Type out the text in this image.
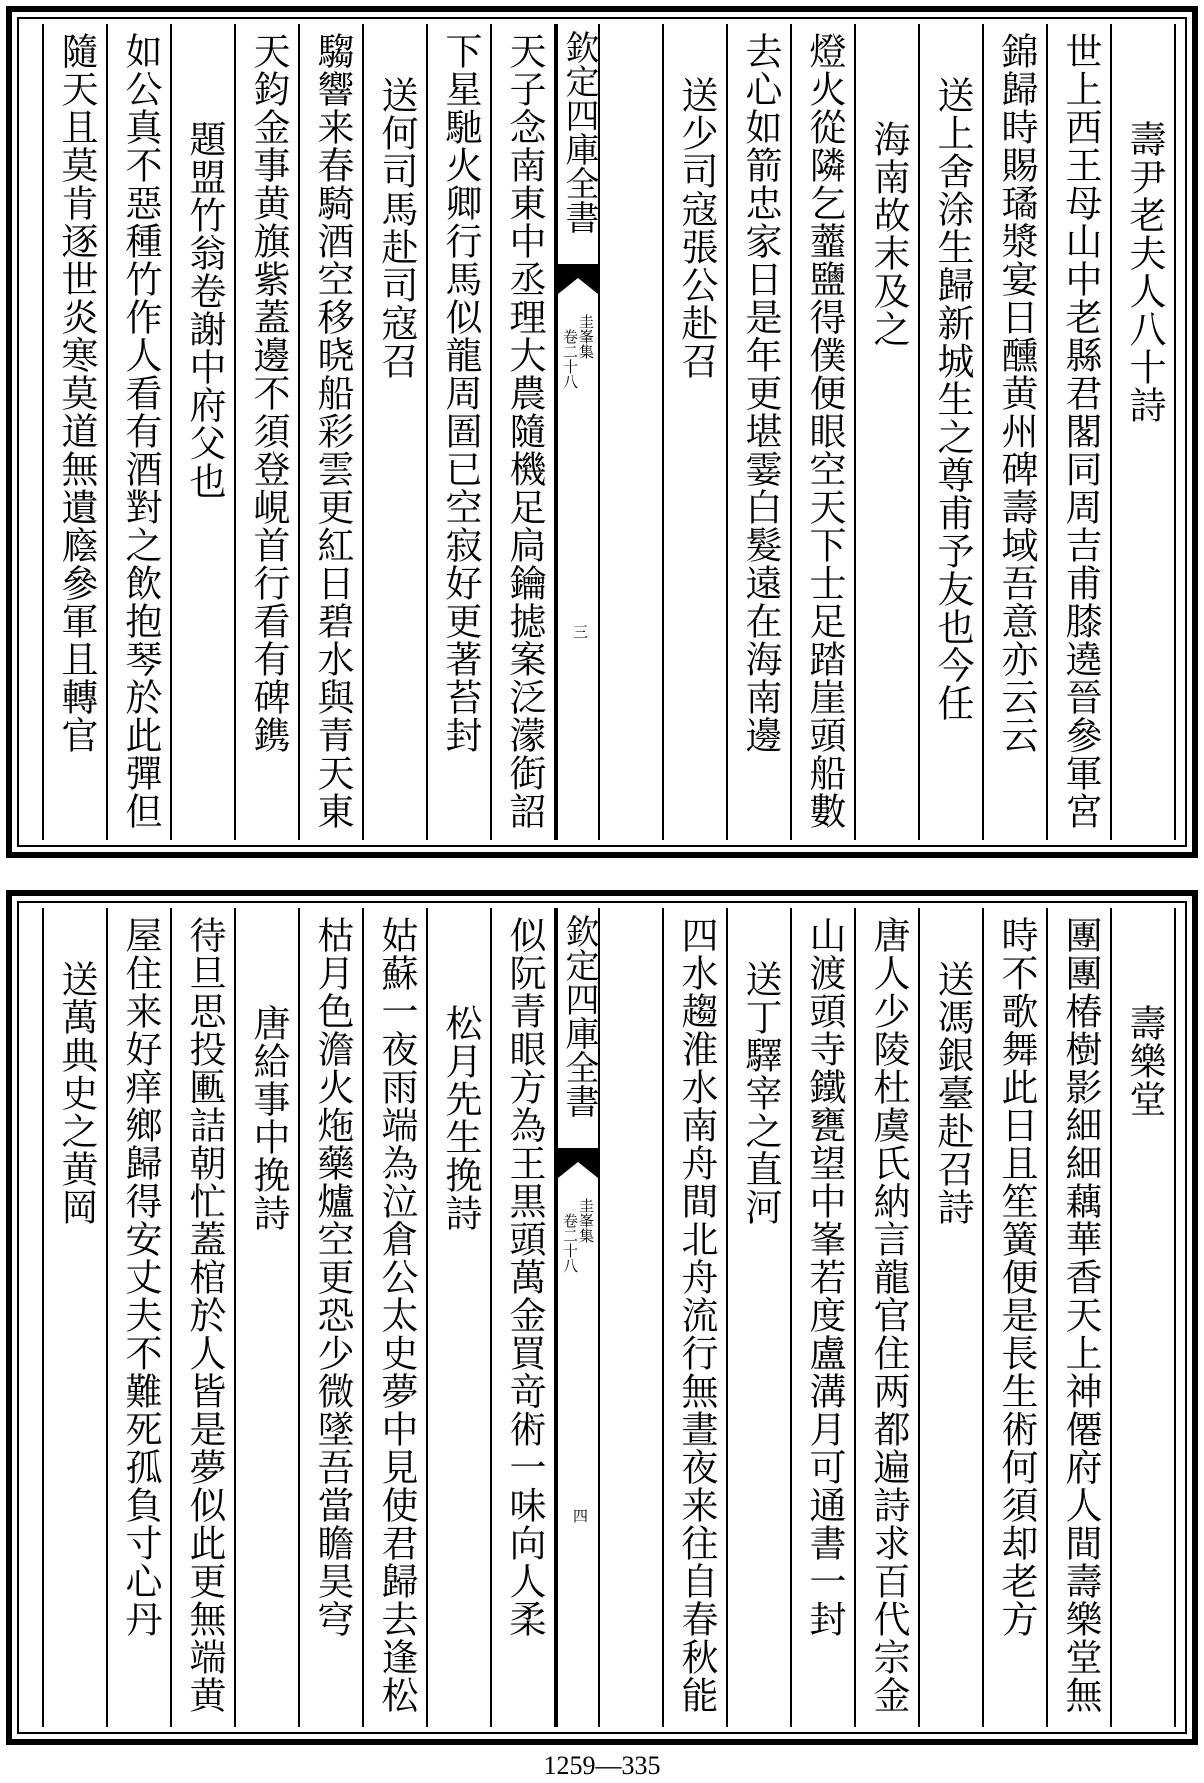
壽尹老夫人八十詩
世上西王母山中老縣君閣同周吉甫膝遶晉參軍宮
錦歸時賜璚漿宴日醺黄州碑壽域吾意亦云云
送上舍涂生歸新城生之尊甫予友也今任
海南故末及之
燈火從隣乞虀鹽得僕便眼空天下士足踏崖頭船數
去心如箭忠家日是年更堪霎白髮遠在海南邊
送少司寇張公赴召
天子念南東中丞理大農隨機足扃鑰摅案泛濛衘詔
下星馳火卿行馬似龍周圄已空寂好更著苔封
送何司馬赴司寇召
騶響来春騎酒空移晓船彩雲更紅日碧水與青天東
天鈞金事黄旗紫蓋邊不須登峴首行看有碑鎸
題盟竹翁卷謝中府父也
如公真不惡種竹作人看有酒對之飲抱琴於此彈但
隨天且莫肯逐世炎寒莫道無遺廕參軍且轉官	欽定四庫全書
圭峯集
卷二十八
三
壽樂堂
團團椿樹影細細藕華香天上神僊府人間壽樂堂無
時不歌舞此日且笙簧便是長生術何須却老方
送馮銀臺赴召詩
唐人少陵杜虞氏納言龍官住两都遍詩求百代宗金
山渡頭寺鐵甕望中峯若度盧溝月可通書一封
送丁驛宰之直河
四水趨淮水南舟間北舟流行無晝夜来往自春秋能
似阮青眼方為王黒頭萬金買竒術一味向人柔
松月先生挽詩
姑蘇一夜雨端為泣倉公太史夢中見使君歸去逢松
枯月色澹火炧藥爐空更恐少微墜吾當瞻昊穹
唐給事中挽詩
待旦思投匭詰朝忙蓋棺於人皆是夢似此更無端黄
屋住来好痒鄉歸得安丈夫不難死孤負寸心丹
送萬典史之黄岡	欽定四庫全書
圭峯集
卷二十八
四
1259—335
